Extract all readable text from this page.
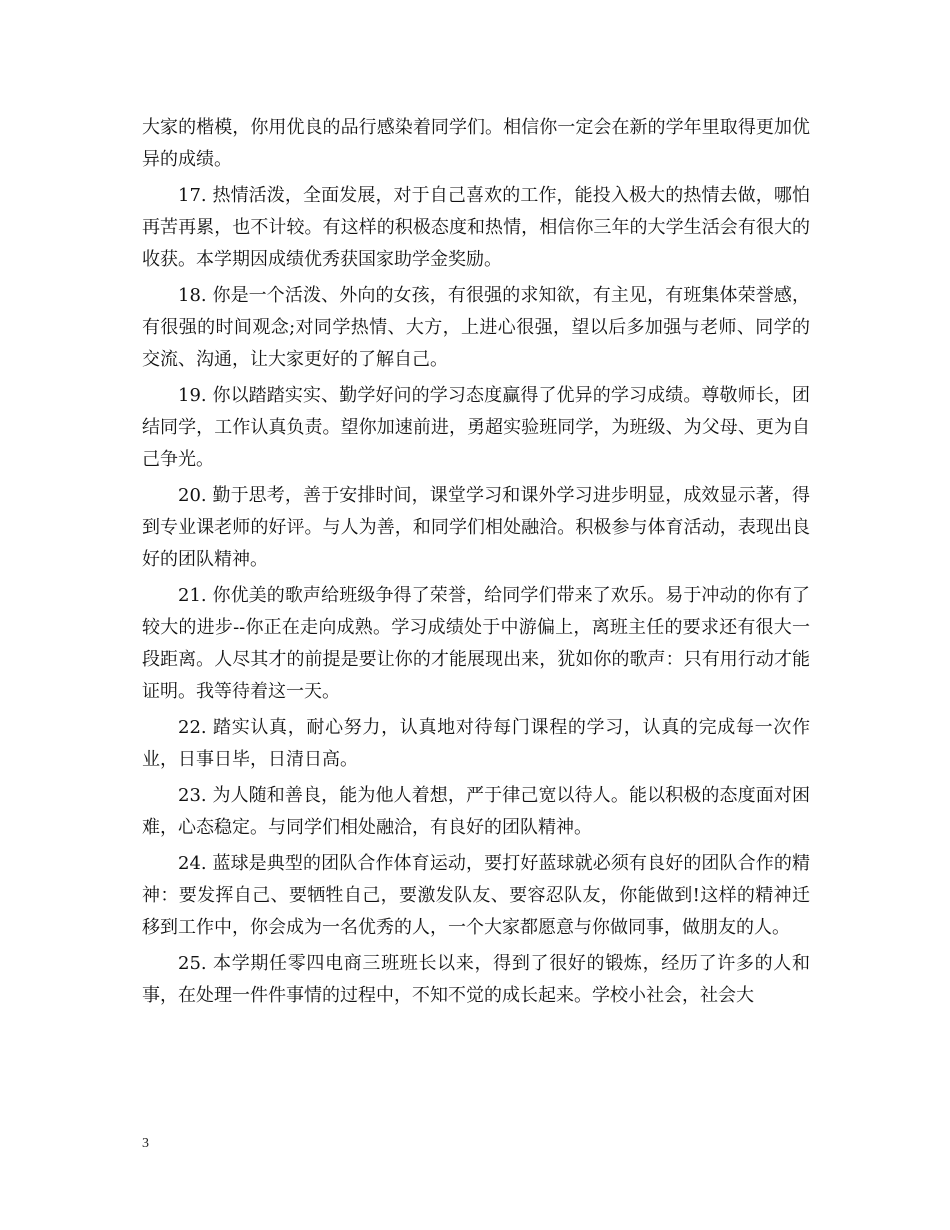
大家的楷模，你用优良的品行感染着同学们。相信你一定会在新的学年里取得更加优异的成绩。

17. 热情活泼，全面发展，对于自己喜欢的工作，能投入极大的热情去做，哪怕再苦再累，也不计较。有这样的积极态度和热情，相信你三年的大学生活会有很大的收获。本学期因成绩优秀获国家助学金奖励。

18. 你是一个活泼、外向的女孩，有很强的求知欲，有主见，有班集体荣誉感，有很强的时间观念;对同学热情、大方，上进心很强，望以后多加强与老师、同学的交流、沟通，让大家更好的了解自己。

19. 你以踏踏实实、勤学好问的学习态度赢得了优异的学习成绩。尊敬师长，团结同学，工作认真负责。望你加速前进，勇超实验班同学，为班级、为父母、更为自己争光。

20. 勤于思考，善于安排时间，课堂学习和课外学习进步明显，成效显示著，得到专业课老师的好评。与人为善，和同学们相处融洽。积极参与体育活动，表现出良好的团队精神。

21. 你优美的歌声给班级争得了荣誉，给同学们带来了欢乐。易于冲动的你有了较大的进步--你正在走向成熟。学习成绩处于中游偏上，离班主任的要求还有很大一段距离。人尽其才的前提是要让你的才能展现出来，犹如你的歌声：只有用行动才能证明。我等待着这一天。

22. 踏实认真，耐心努力，认真地对待每门课程的学习，认真的完成每一次作业，日事日毕，日清日高。

23. 为人随和善良，能为他人着想，严于律己宽以待人。能以积极的态度面对困难，心态稳定。与同学们相处融洽，有良好的团队精神。

24. 蓝球是典型的团队合作体育运动，要打好蓝球就必须有良好的团队合作的精神：要发挥自己、要牺牲自己，要激发队友、要容忍队友，你能做到!这样的精神迁移到工作中，你会成为一名优秀的人，一个大家都愿意与你做同事，做朋友的人。

25. 本学期任零四电商三班班长以来，得到了很好的锻炼，经历了许多的人和事，在处理一件件事情的过程中，不知不觉的成长起来。学校小社会，社会大

3
